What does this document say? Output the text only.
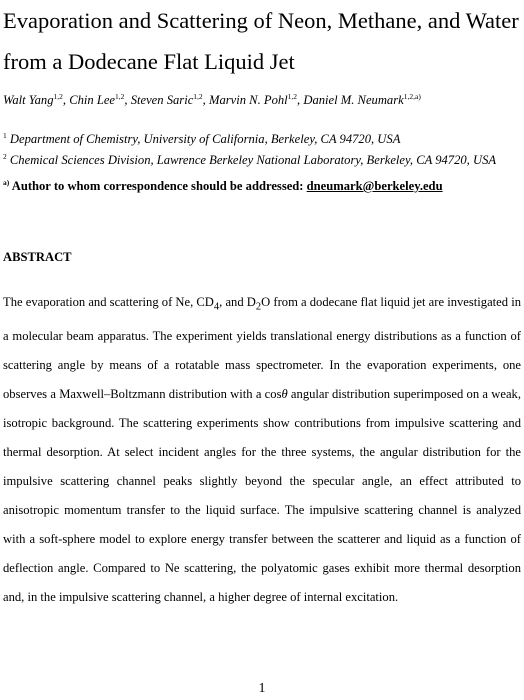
Evaporation and Scattering of Neon, Methane, and Water from a Dodecane Flat Liquid Jet
Walt Yang$^{1,2}$, Chin Lee$^{1,2}$, Steven Saric$^{1,2}$, Marvin N. Pohl$^{1,2}$, Daniel M. Neumark$^{1,2,a)}$
$^1$ Department of Chemistry, University of California, Berkeley, CA 94720, USA
$^2$ Chemical Sciences Division, Lawrence Berkeley National Laboratory, Berkeley, CA 94720, USA
$^{a)}$ Author to whom correspondence should be addressed: dneumark@berkeley.edu
ABSTRACT

The evaporation and scattering of Ne, $CD_4$, and $D_2O$ from a dodecane flat liquid jet are investigated in a molecular beam apparatus. The experiment yields translational energy distributions as a function of scattering angle by means of a rotatable mass spectrometer. In the evaporation experiments, one observes a Maxwell–Boltzmann distribution with a cosθ angular distribution superimposed on a weak, isotropic background. The scattering experiments show contributions from impulsive scattering and thermal desorption. At select incident angles for the three systems, the angular distribution for the impulsive scattering channel peaks slightly beyond the specular angle, an effect attributed to anisotropic momentum transfer to the liquid surface. The impulsive scattering channel is analyzed with a soft-sphere model to explore energy transfer between the scatterer and liquid as a function of deflection angle. Compared to Ne scattering, the polyatomic gases exhibit more thermal desorption and, in the impulsive scattering channel, a higher degree of internal excitation.

1
